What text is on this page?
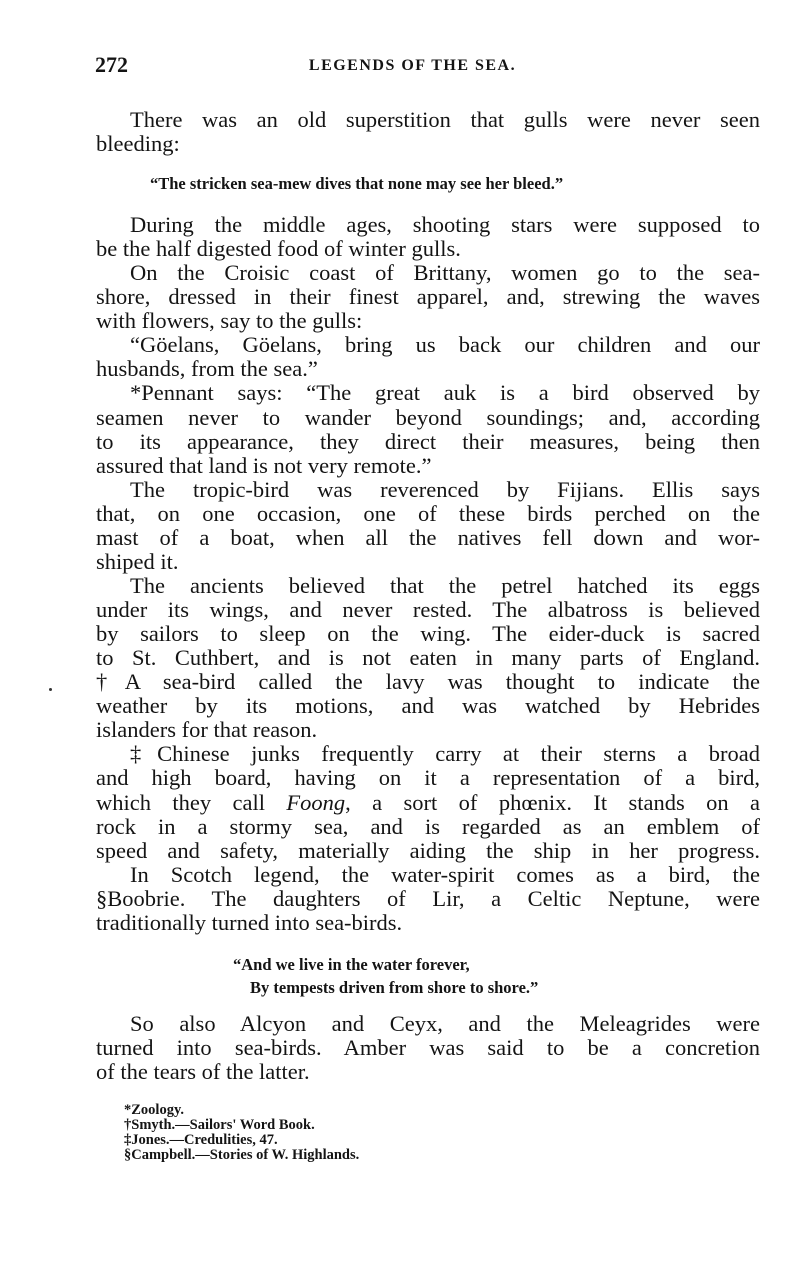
272	LEGENDS OF THE SEA.
There was an old superstition that gulls were never seen
bleeding:
“The stricken sea-mew dives that none may see her bleed.”
During the middle ages, shooting stars were supposed to
be the half digested food of winter gulls.
On the Croisic coast of Brittany, women go to the sea-
shore, dressed in their finest apparel, and, strewing the waves
with flowers, say to the gulls:
“Göelans, Göelans, bring us back our children and our
husbands, from the sea.”
*Pennant says: “The great auk is a bird observed by
seamen never to wander beyond soundings; and, according
to its appearance, they direct their measures, being then
assured that land is not very remote.”
The tropic-bird was reverenced by Fijians. Ellis says
that, on one occasion, one of these birds perched on the
mast of a boat, when all the natives fell down and wor-
shiped it.
The ancients believed that the petrel hatched its eggs
under its wings, and never rested. The albatross is believed
by sailors to sleep on the wing. The eider-duck is sacred
to St. Cuthbert, and is not eaten in many parts of England.
†A sea-bird called the lavy was thought to indicate the
weather by its motions, and was watched by Hebrides
islanders for that reason.
‡Chinese junks frequently carry at their sterns a broad
and high board, having on it a representation of a bird,
which they call Foong, a sort of phœnix. It stands on a
rock in a stormy sea, and is regarded as an emblem of
speed and safety, materially aiding the ship in her progress.
In Scotch legend, the water-spirit comes as a bird, the
§Boobrie. The daughters of Lir, a Celtic Neptune, were
traditionally turned into sea-birds.
“And we live in the water forever,
By tempests driven from shore to shore.”
So also Alcyon and Ceyx, and the Meleagrides were
turned into sea-birds. Amber was said to be a concretion
of the tears of the latter.
*Zoology.
†Smyth.—Sailors' Word Book.
‡Jones.—Credulities, 47.
§Campbell.—Stories of W. Highlands.
